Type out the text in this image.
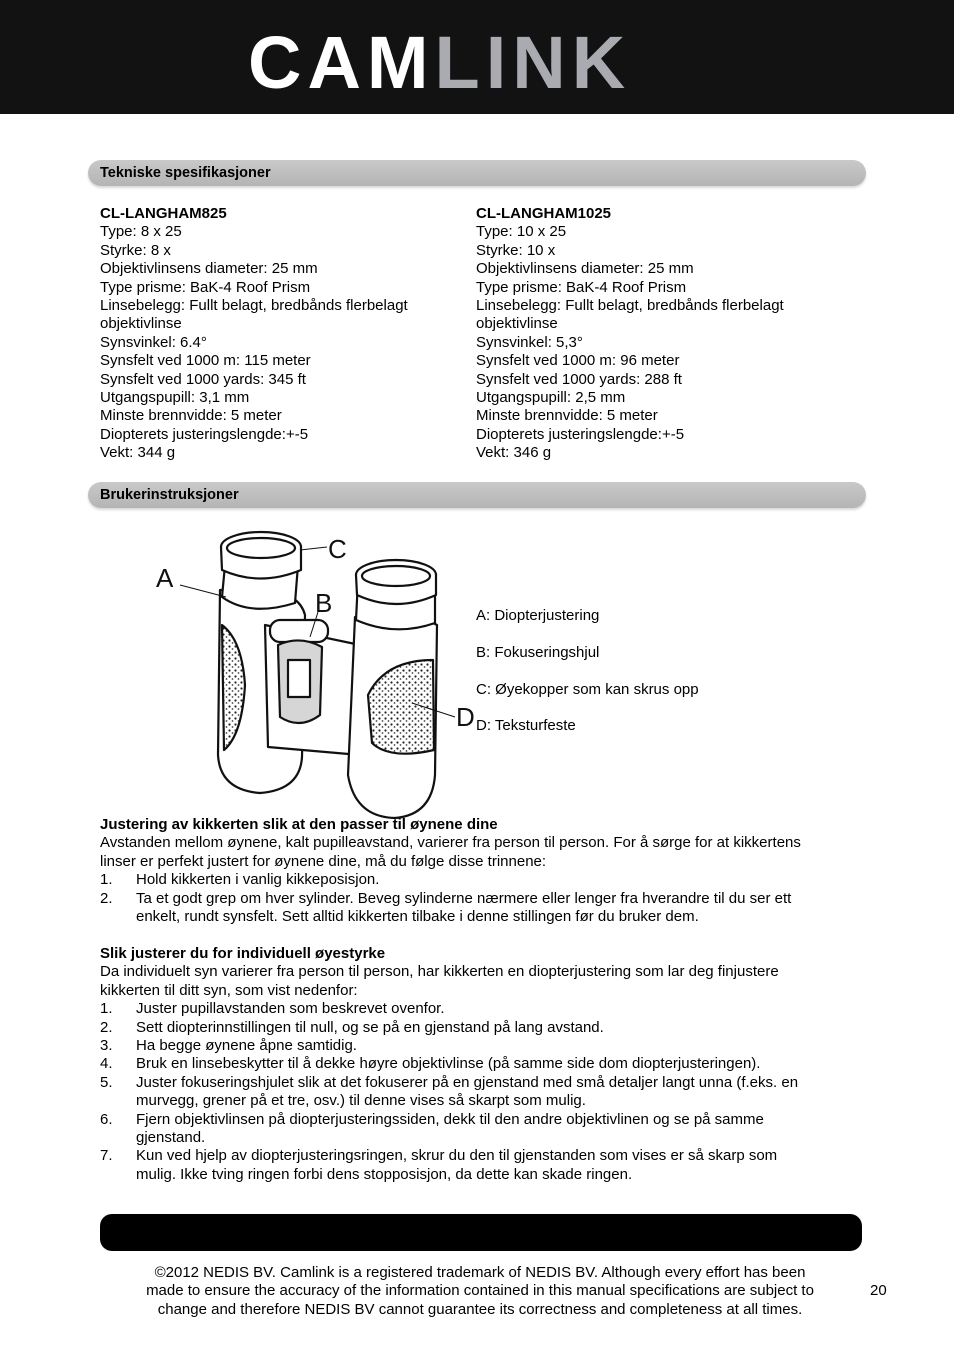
CAMLINK
Tekniske spesifikasjoner
CL-LANGHAM825
Type: 8 x 25
Styrke: 8 x
Objektivlinsens diameter: 25 mm
Type prisme: BaK-4 Roof Prism
Linsebelegg: Fullt belagt, bredbånds flerbelagt
objektivlinse
Synsvinkel: 6.4°
Synsfelt ved 1000 m: 115 meter
Synsfelt ved 1000 yards: 345 ft
Utgangspupill: 3,1 mm
Minste brennvidde: 5 meter
Diopterets justeringslengde:+-5
Vekt: 344 g
CL-LANGHAM1025
Type: 10 x 25
Styrke: 10 x
Objektivlinsens diameter: 25 mm
Type prisme: BaK-4 Roof Prism
Linsebelegg: Fullt belagt, bredbånds flerbelagt
objektivlinse
Synsvinkel: 5,3°
Synsfelt ved 1000 m: 96 meter
Synsfelt ved 1000 yards: 288 ft
Utgangspupill: 2,5 mm
Minste brennvidde: 5 meter
Diopterets justeringslengde:+-5
Vekt: 346 g
Brukerinstruksjoner
A
C
B
D
A: Diopterjustering
B: Fokuseringshjul
C: Øyekopper som kan skrus opp
D: Teksturfeste
Justering av kikkerten slik at den passer til øynene dine
Avstanden mellom øynene, kalt pupilleavstand, varierer fra person til person. For å sørge for at kikkertens
linser er perfekt justert for øynene dine, må du følge disse trinnene:
1. Hold kikkerten i vanlig kikkeposisjon.
2. Ta et godt grep om hver sylinder. Beveg sylinderne nærmere eller lenger fra hverandre til du ser ett
enkelt, rundt synsfelt. Sett alltid kikkerten tilbake i denne stillingen før du bruker dem.
Slik justerer du for individuell øyestyrke
Da individuelt syn varierer fra person til person, har kikkerten en diopterjustering som lar deg finjustere
kikkerten til ditt syn, som vist nedenfor:
1. Juster pupillavstanden som beskrevet ovenfor.
2. Sett diopterinnstillingen til null, og se på en gjenstand på lang avstand.
3. Ha begge øynene åpne samtidig.
4. Bruk en linsebeskytter til å dekke høyre objektivlinse (på samme side dom diopterjusteringen).
5. Juster fokuseringshjulet slik at det fokuserer på en gjenstand med små detaljer langt unna (f.eks. en
murvegg, grener på et tre, osv.) til denne vises så skarpt som mulig.
6. Fjern objektivlinsen på diopterjusteringssiden, dekk til den andre objektivlinen og se på samme
gjenstand.
7. Kun ved hjelp av diopterjusteringsringen, skrur du den til gjenstanden som vises er så skarp som
mulig. Ikke tving ringen forbi dens stopposisjon, da dette kan skade ringen.
©2012 NEDIS BV. Camlink is a registered trademark of NEDIS BV. Although every effort has been
made to ensure the accuracy of the information contained in this manual specifications are subject to
change and therefore NEDIS BV cannot guarantee its correctness and completeness at all times.
20
